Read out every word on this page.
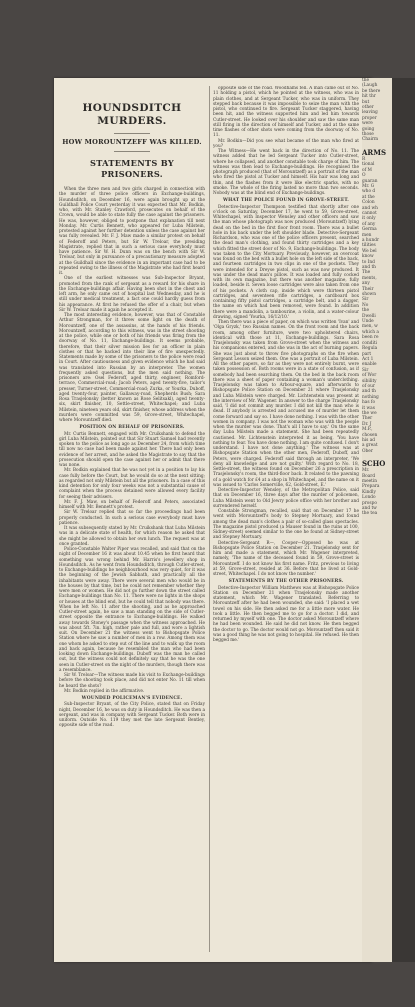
the
(Laugh
be there
hit thr
but
other
leaving
proper
were
going
those
Chairm
ARMS
R
tional
of M
O
guaran
Mr. G
who d
at the
Colon
and wh
cannot
it only
of any
Germa
men
a hundr
tilities
We bel
know
to Ind
and th
The
ments,
any
Their
shown
Sir
No
the
Dwelli
Unde
men, w
which a
been re
conditi
Regula
part
Act 1
enable
Sir
of Wor
sibility
of our
and th
nothing
has fo
it was
the we
Ther
Dr. J
M.P.,
chosen
his ad
a great
Ober
SCHO
Mr.
Board
meetin
Prepara
Kindly
Londo
prospo
and tw
the tea
HOUNDSDITCH MURDERS.
HOW MOROUNTZEFF WAS KILLED.
STATEMENTS BY PRISONERS.

When the three men and two girls charged in connection with the murder of three police officers in Exchange-buildings, Houndsditch, on December 16, were again brought up at the Guildhall Police Court yesterday it was expected that Mr. Bodkin, who, with Mr. Stanley Crawford, prosecutes on behalf of the Crown, would be able to state fully the case against the prisoners. He was, however, obliged to postpone that explanation till next Monday. Mr. Curtis Bennett, who appeared for Luba Milstein, protested against her further detention unless the case against her was fully revealed. Mr. F. J. Maw made a similar protest on behalf of Federoff and Peters, but Sir W. Treloar, the presiding Magistrate, replied that in such a serious case everybody must have patience. Sir W. H. Dunn was on the bench with Sir W. Treloar, but only in pursuance of a precautionary measure adopted at the Guildhall since the evidence in an important case had to be repeated owing to the illness of the Magistrate who had first heard it.

One of the earliest witnesses was Sub-Inspector Bryant, promoted from the rank of sergeant as a reward for his share in the Exchange-buildings affair. Having been shot in the chest and left arm, he only came out of hospital last Wednesday, and he is still under medical treatment, a fact one could hardly guess from his appearance. At first he refused the offer of a chair, but when Sir W. Treloar made it again he accepted it.

The most interesting evidence, however, was that of Constable Arthur Strongman, for it threw some light on the death of Morountzeff, one of the assassins, at the hands of his friends. Morountzeff, according to this witness, was in the street shooting at the police, while one or both of his friends was firing from the doorway of No. 11, Exchange-buildings. It seems probable, therefore, that their silver mission lies for an officer in plain clothes or that he backed into their line of fire unexpectedly. Statements made by some of the prisoners to the police were read in Court. After cautiousness and given evidence which he had said was translated into Russian by an interpreter. The women frequently asked questions, but the men said nothing. The prisoners are: Osel Federoff, aged thirty, engineer, Romford-terrace, Commercial-road; Jacob Peters, aged twenty-five, tailor's presser, Turner-street, Commercial-road; Zurka, or Yourka, Duboff, aged twenty-four, painter, Gallaway-road, Shepherds Bush; Sara Rosa Trasjelonsky (better known as Rose Selitsakl), aged twenty-six, skirt finisher, 10, Settle-street, Whitechapel; and Luba Milstein, nineteen years old, skirt finisher, whose address when the murders were committed was 59, Grove-street, Whitechapel, where Morountzeff died.

POSITION ON BEHALF OF PRISONERS.

Mr. Curtis Bennett, engaged with Mr. Cruikshank to defend the girl Luba Milstein, pointed out that Sir Stuart Samuel had recently spoken to the police as long ago as December 24, from which time till now no case had been made against her. There had only been evidence of her arrest, and he asked the Magistrate to say that the prosecution should open the case against her or admit that there was none.

Mr. Bodkin explained that he was not yet in a position to lay his case fully before the Court, but he would do so at the next sitting; as regarded not only Milstein but all the prisoners. In a case of this kind detention for only four weeks was not a substantial cause of complaint when the process detained were allowed every facility for seeing their advisers.

Mr. F. J. Maw, on behalf of Federoff and Peters, associated himself with Mr. Bennett's protest.

Sir W. Treloar replied that so far the proceedings had been properly conducted. In such a serious case everybody must have patience.

It was subsequently stated by Mr. Cruikshank that Luba Milstein was in a delicate state of health, for which reason he asked that she might be allowed to obtain her own lunch. The request was at once granted.

Police-Constable Walter Piper was recalled, and said that on the night of December 16 it was about 10.45 when he first heard that something was wrong behind Mr. Harris's jewellery shop in Houndsditch. As he went from Houndsditch, through Cutler-street, to Exchange-buildings he neighbourhood was very quiet, for it was the beginning of the Jewish Sabbath, and practically all the inhabitants were away. There were several men who would be in the houses by that time, but he could not remember whether they were men or women. He did not go further down the street called Exchange-buildings than No. 11. There were no lights in the shops or houses at the blind end, but he could tell that nobody was there. When he left No. 11 after the shooting, and as he approached Cutler-street again, he saw a man standing on the side of Cutler-street opposite the entrance to Exchange-buildings. He walked away towards Stoney's passage when the witness approached. He was about 5ft. 7in. high, rather pale and full, and wore a lightish suit. On December 21 the witness went to Bishopsgate Police Station where he saw a number of men in a row. Among them was one whom he asked to step out of the line and to walk up the room and back again, because he resembled the man who had been looking down Exchange-buildings. Duboff was the man he called out, but the witness could not definitely say that he was the one seen in Cutler-street on the night of the murders, though there was a resemblance.

Sir W. Treloar—The witness made his visit to Exchange-buildings before the shooting took place, and did not enter No. 11 till when he heard the shots?

Mr. Bodkin replied in the affirmative.

WOUNDED POLICEMAN'S EVIDENCE.

Sub-Inspector Bryant, of the City Police, stated that on Friday night, December 16, he was on duty in Houndsditch. He was then a sergeant, and was in company with Sergeant Tucker. Both were in uniform. Outside No. 119 they met the late Sergeant Bentley, opposite side of the road.

opposite side of the road. Woodhams fell. A man came out of No. 11 holding a pistol, which he pointed at the witness, who was in plain clothes, and at Sergeant Tucker, who was in uniform. They stepped back because it was impossible to seize the man with the pistol, who continued to fire. Sergeant Tucker staggered, having been hit, and the witness supported him and led him towards Cutler-street. He looked over his shoulder and saw the same man still firing in the direction of himself and Tucker, and at the same time flashes of other shots were coming from the doorway of No. 11.

Mr. Bodkin—Did you see what became of the man who fired at you?

The Witness—He went back in the direction of No. 11. The witness added that he led Sergeant Tucker into Cutler-street, where he collapsed, and another constable took charge of him. The witness was then lead to Exchange-buildings. He recognised the photograph produced (that of Morountzeff) as a portrait of the man who fired the pistol at Tucker and himself. His hair was long and thin, and the flashes from it were like electric sparks, with no smoke. The whole of the firing lasted no more than two seconds. Nobody was at the blind end of Exchange-buildings.

WHAT THE POLICE FOUND IN GROVE-STREET.

Detective-Inspector Thompson testified that shortly after one o'clock on Saturday, December 17, he went to 59, Grove-street, Whitechapel, with Inspector Wensley and other officers and saw the man whose photograph was now produced (Morountzeff) lying dead on the bed in the first floor front room. There was a bullet hole in his back under the left shoulder blade. Detective-Sergeant Richardson, who was one of the police officers present, searched the dead man's clothing, and found thirty cartridges and a key which fitted the street door of No. 9, Exchange-buildings. The body was taken to the City Mortuary. Previously, however, an overcoat was found on the bed with a bullet hole on the left side of the back, and fourteen cartridges in two clips in one of the pockets. They were intended for a Dreyse pistol, such as was now produced. It was under the dead man's pillow. It was loaded and fully cocked with its own magazine, but there was another magazine, fully loaded, beside it. Seven loose cartridges were also taken from one of his pockets. A cloth cap, inside which were thirteen pistol cartridges, and seventeen rifle cartridges, a cardboard box containing fifty pistol cartridges, a cartridge belt, and a dagger, the name on which had been removed, were found. In addition there were a mandolin, a tambourine, a violin, and a water-colour drawing, signed 'Yourka, 16/12/10.'

Then there was a piece of paper, on which was written 'Ivan' and 'Olga Gryzk,' two Russian names. On the front room and the back room, among other furniture, were two upholstered chairs, identical with those at 11, Exchange-buildings. Sara Rosa Trasjelonsky was taken from Grove-street when the witness and his companions entered, and she was in the act of burning papers. She was just about to throw five photographs on the fire when Sergeant Lesson seized them. One was a portrait of Luba Milstein. All the other papers, so far as they were not entirely burnt, were taken possession of. Both rooms were in a state of confusion, as if somebody had been searching them. On the bed in the back room there was a sheet of paper containing a woman's underclothing. Trasjelonsky was taken to Arbour-square, and afterwards to Bishopsgate Police Station on December 21 where Trasjelonsky and Luba Milstein were charged. Mr. Lichtenstein was present at the interview of Mr. Wagener. In answer to the charge Trasjelonsky said, 'I did not commit any murder. I did not kill the man who is dead. If anybody is arrested and accused me of murder let them come forward and say so. I have done nothing. I was with the other women in company. I was not the woman who was with the people when the murder was done. That's all I have to say.' On the same day Luba Milstein made a statement. She had been repeatedly cautioned. Mr. Lichtenstein interpreted it as being, 'You have nothing to fear. You have done nothing. I am quite confused. I don't understand. I have not done anything.' The witness was at Bishopsgate Station when the other men, Federoff, Duboff, and Peters, were charged. Federoff said through an interpreter, 'We deny all knowledge and are not guilty.' With regard to No. 18, Settle-street, the witness found on December 26 a prescription in Trasjelonsky's room, the third-floor back. It related to the pawning of a gold watch for £4 at a shop in Whitechapel, and the name on it was issued to 'Carlos Somerville, 62, Gold-street, E.'

Detective-Inspector Wensley, of the Metropolitan Police, said that on December 16, three days after the murder of policemen, Luba Milstein went to Old Jewry police office with her brother and surrendered herself.

Constable Strongman, recalled, said that on December 17 he went with Morountzeff's body to Stepney Mortuary, and found among the dead man's clothes a pair of so-called glass spectacles. The magazine pistol produced (a Mauser found in the ruins at 100, Sidney-street) seemed similar to the one he found at Sidney-street and Stepney Mortuary.

Detective-Sergeant R—, Cooper—Opposed he was at Bishopsgate Police Station on December 21. Trasjelonsky sent for him and made a statement, which Mr. Wagener interpreted, namely, 'The name of the deceased found in 59, Grove-street is Morountzeff. I do not know his first name. Fritz, previous to living at 59, Grove-street, resided at 36. Before that he lived at Gold-street, Whitechapel. I do not know the number.'

STATEMENTS BY THE OTHER PRISONERS.

Detective-Inspector William Matthews was at Bishopsgate Police Station on December 21 when Trasjelonsky made another statement, which Mr. Wagener translated. Referring to Morountzeff after he had been wounded, she said: 'I placed a wet towel on his side. He then asked me for a little more water. He took a little. He then begged me to go for a doctor. I did, and returned by myself with one. The doctor asked Morountzeff where he had been wounded. He said he did not know. He then begged the doctor to go. The doctor would not go. Morountzeff then said it was a good thing he was not going to hospital. He refused. He then begged me.'
